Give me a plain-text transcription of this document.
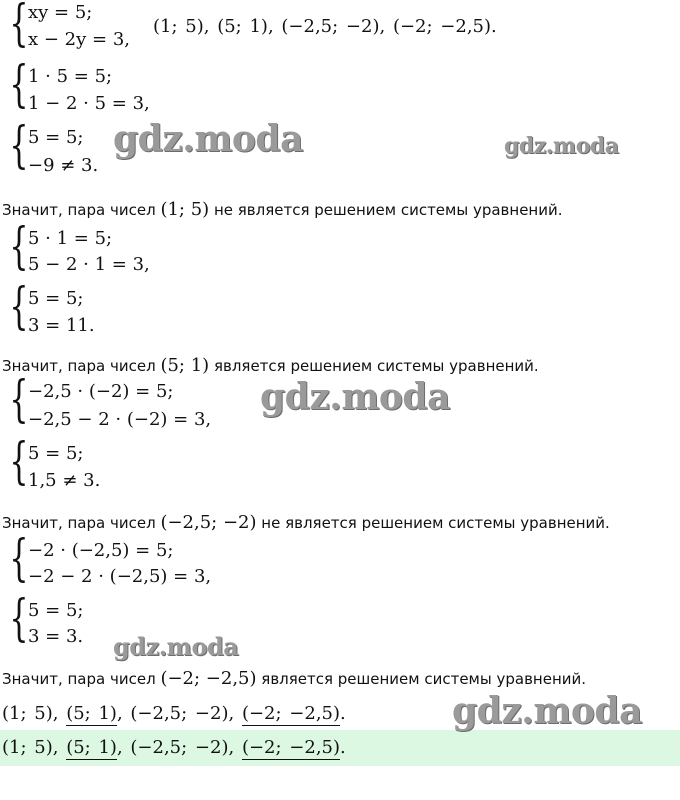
{ xy = 5;
x − 2y = 3,
(1; 5), (5; 1), (−2,5; −2), (−2; −2,5).
{ 1 · 5 = 5;
1 − 2 · 5 = 3,
{ 5 = 5;
−9 ≠ 3.
Значит, пара чисел (1; 5) не является решением системы уравнений.
{ 5 · 1 = 5;
5 − 2 · 1 = 3,
{ 5 = 5;
3 = 11.
Значит, пара чисел (5; 1) является решением системы уравнений.
{ −2,5 · (−2) = 5;
−2,5 − 2 · (−2) = 3,
{ 5 = 5;
1,5 ≠ 3.
Значит, пара чисел (−2,5; −2) не является решением системы уравнений.
{ −2 · (−2,5) = 5;
−2 − 2 · (−2,5) = 3,
{ 5 = 5;
3 = 3.
Значит, пара чисел (−2; −2,5) является решением системы уравнений.
(1; 5), (5; 1), (−2,5; −2), (−2; −2,5).
(1; 5), (5; 1), (−2,5; −2), (−2; −2,5).
gdz.moda	gdz.moda
gdz.moda
gdz.moda
gdz.moda
